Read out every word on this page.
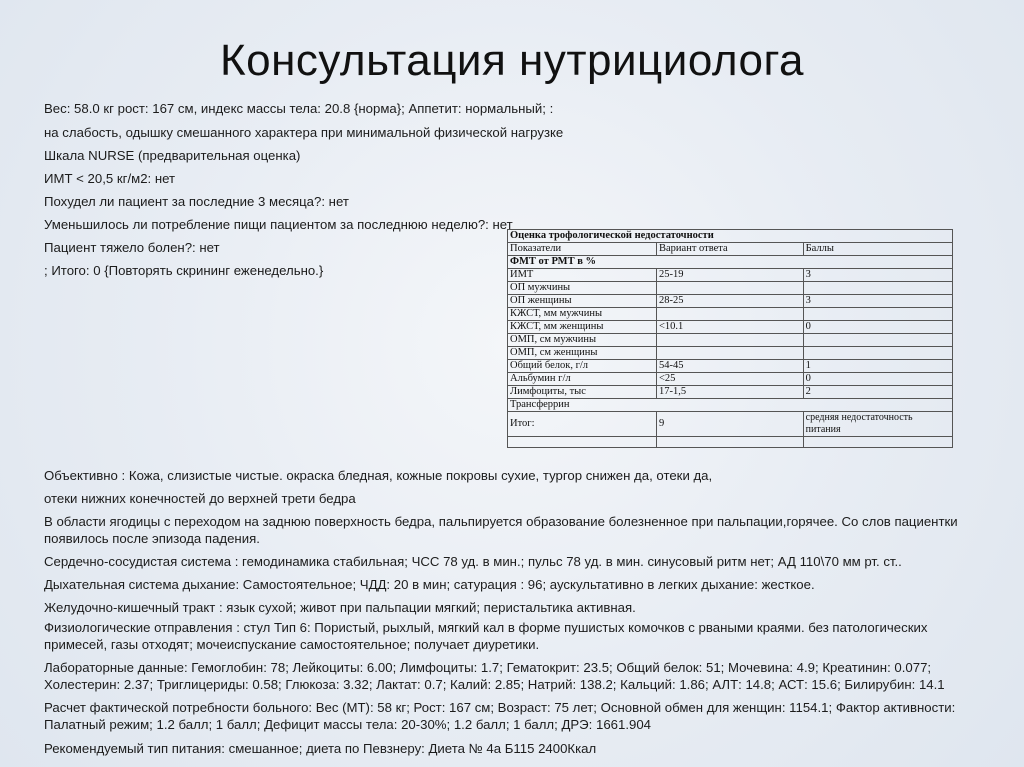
Консультация нутрициолога
Вес: 58.0 кг рост: 167 см, индекс массы тела: 20.8 {норма}; Аппетит: нормальный; :
на слабость, одышку смешанного характера при минимальной физической нагрузке
Шкала NURSE (предварительная оценка)
ИМТ < 20,5 кг/м2: нет
Похудел ли пациент за последние 3 месяца?: нет
Уменьшилось ли потребление пищи пациентом за последнюю неделю?: нет
Пациент тяжело болен?: нет
; Итого: 0 {Повторять скрининг еженедельно.}
Оценка трофологической недостаточности		
Показатели	Вариант ответа	Баллы
ФМТ от РМТ в %		
ИМТ	25-19	3
ОП мужчины		
ОП женщины	28-25	3
КЖСТ, мм мужчины		
КЖСТ, мм женщины	<10.1	0
ОМП, см мужчины		
ОМП, см женщины		
Общий белок, г/л	54-45	1
Альбумин г/л	<25	0
Лимфоциты, тыс	17-1,5	2
Трансферрин		
Итог:	9	средняя недостаточность питания

Объективно : Кожа, слизистые чистые. окраска бледная, кожные покровы сухие, тургор снижен да, отеки да,
отеки нижних конечностей до верхней трети бедра
В области ягодицы с переходом на заднюю поверхность бедра, пальпируется образование болезненное при пальпации,горячее. Со слов пациентки появилось после эпизода падения.
Сердечно-сосудистая система : гемодинамика стабильная; ЧСС 78 уд. в мин.; пульс 78 уд. в мин. синусовый ритм нет; АД 110\70 мм рт. ст..
Дыхательная система дыхание: Самостоятельное; ЧДД: 20 в мин; сатурация : 96; аускультативно в легких дыхание: жесткое.
Желудочно-кишечный тракт : язык сухой; живот при пальпации мягкий; перистальтика активная.
Физиологические отправления : стул Тип 6: Пористый, рыхлый, мягкий кал в форме пушистых комочков с рваными краями. без патологических примесей, газы отходят; мочеиспускание самостоятельное; получает диуретики.
Лабораторные данные: Гемоглобин: 78; Лейкоциты: 6.00; Лимфоциты: 1.7; Гематокрит: 23.5; Общий белок: 51; Мочевина: 4.9; Креатинин: 0.077; Холестерин: 2.37; Триглицериды: 0.58; Глюкоза: 3.32; Лактат: 0.7; Калий: 2.85; Натрий: 138.2; Кальций: 1.86; АЛТ: 14.8; АСТ: 15.6; Билирубин: 14.1
Расчет фактической потребности больного: Вес (МТ): 58 кг; Рост: 167 см; Возраст: 75 лет; Основной обмен для женщин: 1154.1; Фактор активности: Палатный режим; 1.2 балл; 1 балл; Дефицит массы тела: 20-30%; 1.2 балл; 1 балл; ДРЭ: 1661.904
Рекомендуемый тип питания: смешанное; диета по Певзнеру: Диета № 4а Б115 2400Ккал
